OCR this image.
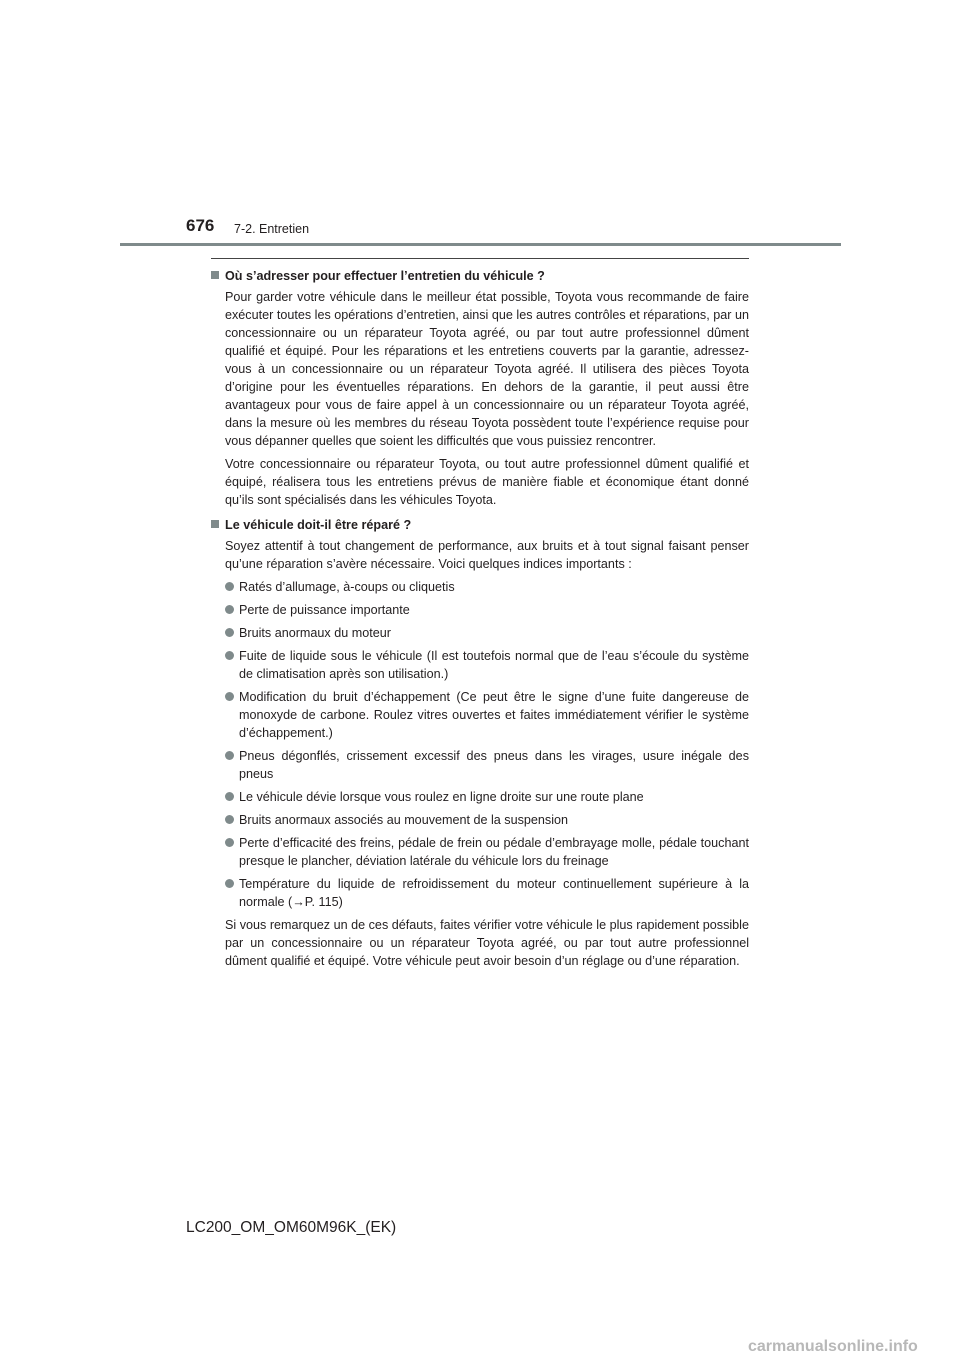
676 7-2. Entretien
Où s’adresser pour effectuer l’entretien du véhicule ?

Pour garder votre véhicule dans le meilleur état possible, Toyota vous recommande de faire exécuter toutes les opérations d’entretien, ainsi que les autres contrôles et réparations, par un concessionnaire ou un réparateur Toyota agréé, ou par tout autre professionnel dûment qualifié et équipé. Pour les réparations et les entretiens couverts par la garantie, adressez-vous à un concessionnaire ou un réparateur Toyota agréé. Il utilisera des pièces Toyota d’origine pour les éventuelles réparations. En dehors de la garantie, il peut aussi être avantageux pour vous de faire appel à un concessionnaire ou un réparateur Toyota agréé, dans la mesure où les membres du réseau Toyota possèdent toute l’expérience requise pour vous dépanner quelles que soient les difficultés que vous puissiez rencontrer.

Votre concessionnaire ou réparateur Toyota, ou tout autre professionnel dûment qualifié et équipé, réalisera tous les entretiens prévus de manière fiable et économique étant donné qu’ils sont spécialisés dans les véhicules Toyota.

Le véhicule doit-il être réparé ?

Soyez attentif à tout changement de performance, aux bruits et à tout signal faisant penser qu’une réparation s’avère nécessaire. Voici quelques indices importants :

Ratés d’allumage, à-coups ou cliquetis
Perte de puissance importante
Bruits anormaux du moteur
Fuite de liquide sous le véhicule (Il est toutefois normal que de l’eau s’écoule du système de climatisation après son utilisation.)
Modification du bruit d’échappement (Ce peut être le signe d’une fuite dangereuse de monoxyde de carbone. Roulez vitres ouvertes et faites immédiatement vérifier le système d’échappement.)
Pneus dégonflés, crissement excessif des pneus dans les virages, usure inégale des pneus
Le véhicule dévie lorsque vous roulez en ligne droite sur une route plane
Bruits anormaux associés au mouvement de la suspension
Perte d’efficacité des freins, pédale de frein ou pédale d’embrayage molle, pédale touchant presque le plancher, déviation latérale du véhicule lors du freinage
Température du liquide de refroidissement du moteur continuellement supérieure à la normale (→P. 115)

Si vous remarquez un de ces défauts, faites vérifier votre véhicule le plus rapidement possible par un concessionnaire ou un réparateur Toyota agréé, ou par tout autre professionnel dûment qualifié et équipé. Votre véhicule peut avoir besoin d’un réglage ou d’une réparation.

LC200_OM_OM60M96K_(EK)
carmanualsonline.info
